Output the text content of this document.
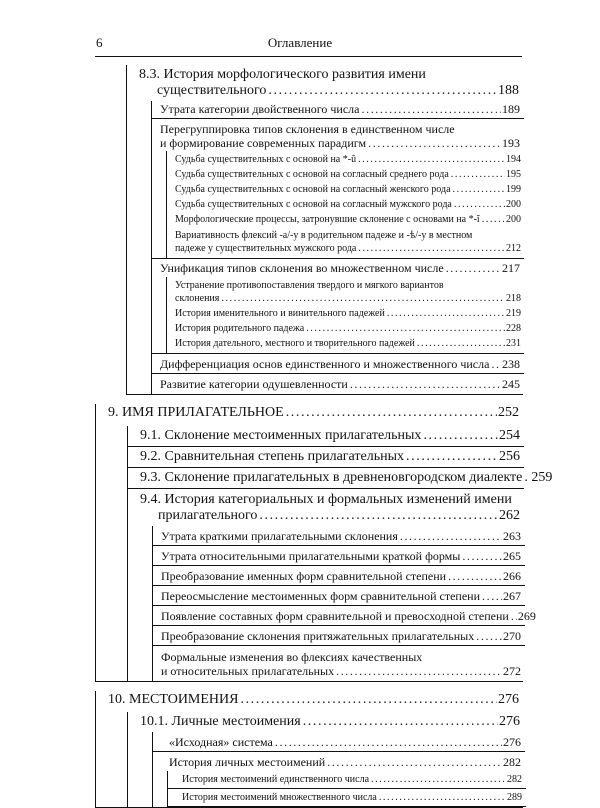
6	Оглавление
8.3. История морфологического развития имени
существительного .....	188
Утрата категории двойственного числа .....	189
Перегруппировка типов склонения в единственном числе
и формирование современных парадигм .....	193
Судьба существительных с основой на *-ŭ .....	194
Судьба существительных с основой на согласный среднего рода .....	195
Судьба существительных с основой на согласный женского рода .....	199
Судьба существительных с основой на согласный мужского рода .....	200
Морфологические процессы, затронувшие склонение с основами на *-ĭ .....	200
Вариативность флексий -а/-у в родительном падеже и -ѣ/-у в местном
падеже у существительных мужского рода .....	212
Унификация типов склонения во множественном числе .....	217
Устранение противопоставления твердого и мягкого вариантов
склонения .....	218
История именительного и винительного падежей .....	219
История родительного падежа .....	228
История дательного, местного и творительного падежей .....	231
Дифференциация основ единственного и множественного числа ..... 238
Развитие категории одушевленности .....	245
9. ИМЯ ПРИЛАГАТЕЛЬНОЕ .....	252
9.1. Склонение местоименных прилагательных .....	254
9.2. Сравнительная степень прилагательных .....	256
9.3. Склонение прилагательных в древненовгородском диалекте ..... 259
9.4. История категориальных и формальных изменений имени
прилагательного .....	262
Утрата краткими прилагательными склонения .....	263
Утрата относительными прилагательными краткой формы .....	265
Преобразование именных форм сравнительной степени .....	266
Переосмысление местоименных форм сравнительной степени ..... 267
Появление составных форм сравнительной и превосходной степени ..... 269
Преобразование склонения притяжательных прилагательных ..... 270
Формальные изменения во флексиях качественных
и относительных прилагательных .....	272
10. МЕСТОИМЕНИЯ .....	276
10.1. Личные местоимения .....	276
«Исходная» система .....	276
История личных местоимений .....	282
История местоимений единственного числа .....	282
История местоимений множественного числа .....	289
